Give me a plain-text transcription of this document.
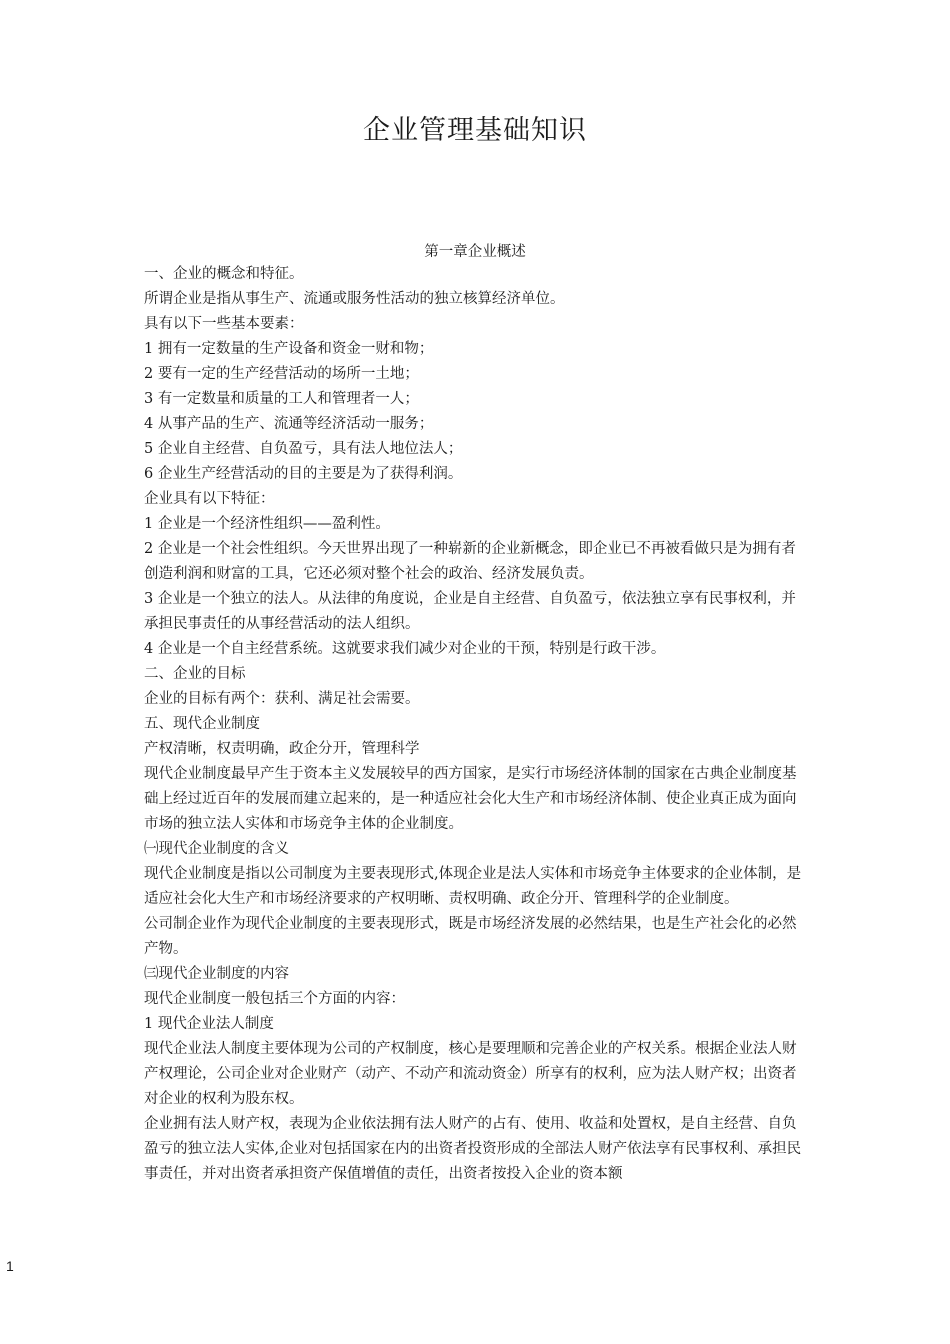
企业管理基础知识
第一章企业概述

一、企业的概念和特征。

所谓企业是指从事生产、流通或服务性活动的独立核算经济单位。

具有以下一些基本要素：

1 拥有一定数量的生产设备和资金一财和物；

2 要有一定的生产经营活动的场所一土地；

3 有一定数量和质量的工人和管理者一人；

4 从事产品的生产、流通等经济活动一服务；

5 企业自主经营、自负盈亏，具有法人地位法人；

6 企业生产经营活动的目的主要是为了获得利润。

企业具有以下特征：

1 企业是一个经济性组织——盈利性。

2 企业是一个社会性组织。今天世界出现了一种崭新的企业新概念，即企业已不再被看做只是为拥有者创造利润和财富的工具，它还必须对整个社会的政治、经济发展负责。

3 企业是一个独立的法人。从法律的角度说，企业是自主经营、自负盈亏，依法独立享有民事权利，并承担民事责任的从事经营活动的法人组织。

4 企业是一个自主经营系统。这就要求我们减少对企业的干预，特别是行政干涉。

二、企业的目标

企业的目标有两个：获利、满足社会需要。

五、现代企业制度

产权清晰，权责明确，政企分开，管理科学

现代企业制度最早产生于资本主义发展较早的西方国家，是实行市场经济体制的国家在古典企业制度基础上经过近百年的发展而建立起来的，是一种适应社会化大生产和市场经济体制、使企业真正成为面向市场的独立法人实体和市场竞争主体的企业制度。

㈠现代企业制度的含义

现代企业制度是指以公司制度为主要表现形式,体现企业是法人实体和市场竞争主体要求的企业体制，是适应社会化大生产和市场经济要求的产权明晰、责权明确、政企分开、管理科学的企业制度。

公司制企业作为现代企业制度的主要表现形式，既是市场经济发展的必然结果，也是生产社会化的必然产物。

㈢现代企业制度的内容

现代企业制度一般包括三个方面的内容：

1 现代企业法人制度

现代企业法人制度主要体现为公司的产权制度，核心是要理顺和完善企业的产权关系。根据企业法人财产权理论，公司企业对企业财产（动产、不动产和流动资金）所享有的权利，应为法人财产权；出资者对企业的权利为股东权。

企业拥有法人财产权，表现为企业依法拥有法人财产的占有、使用、收益和处置权，是自主经营、自负盈亏的独立法人实体,企业对包括国家在内的出资者投资形成的全部法人财产依法享有民事权利、承担民事责任，并对出资者承担资产保值增值的责任，出资者按投入企业的资本额

1
